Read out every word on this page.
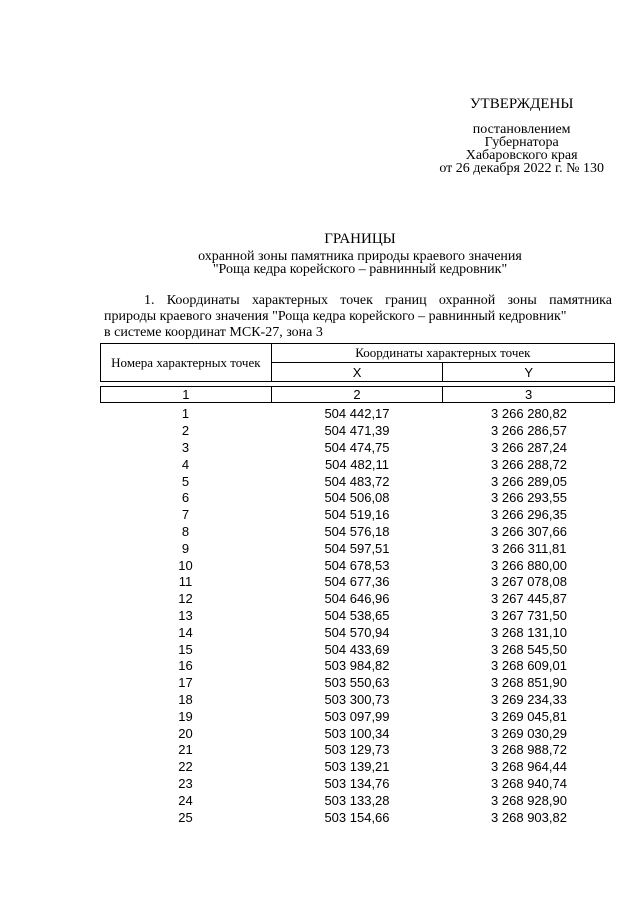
УТВЕРЖДЕНЫ
постановлением
Губернатора
Хабаровского края
от 26 декабря 2022 г. № 130
ГРАНИЦЫ
охранной зоны памятника природы краевого значения
"Роща кедра корейского – равнинный кедровник"
1. Координаты характерных точек границ охранной зоны памятника
природы краевого значения "Роща кедра корейского – равнинный кедровник"
в системе координат МСК-27, зона 3
Номера характерных точек	Координаты характерных точек	
	X	Y

1	2	3
1	504 442,17	3 266 280,82
2	504 471,39	3 266 286,57
3	504 474,75	3 266 287,24
4	504 482,11	3 266 288,72
5	504 483,72	3 266 289,05
6	504 506,08	3 266 293,55
7	504 519,16	3 266 296,35
8	504 576,18	3 266 307,66
9	504 597,51	3 266 311,81
10	504 678,53	3 266 880,00
11	504 677,36	3 267 078,08
12	504 646,96	3 267 445,87
13	504 538,65	3 267 731,50
14	504 570,94	3 268 131,10
15	504 433,69	3 268 545,50
16	503 984,82	3 268 609,01
17	503 550,63	3 268 851,90
18	503 300,73	3 269 234,33
19	503 097,99	3 269 045,81
20	503 100,34	3 269 030,29
21	503 129,73	3 268 988,72
22	503 139,21	3 268 964,44
23	503 134,76	3 268 940,74
24	503 133,28	3 268 928,90
25	503 154,66	3 268 903,82
